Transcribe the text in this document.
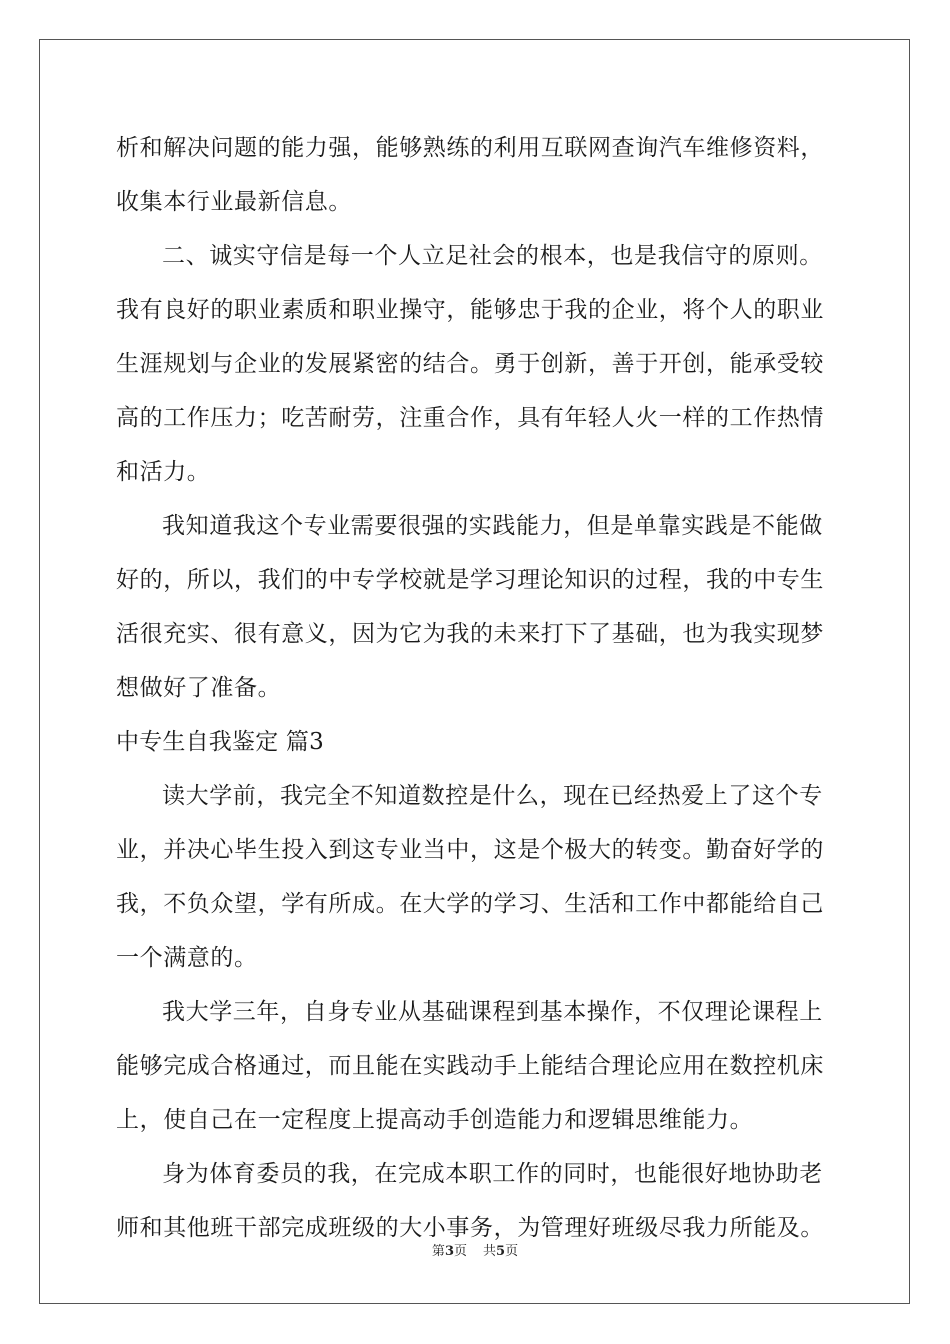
析和解决问题的能力强，能够熟练的利用互联网查询汽车维修资料，
收集本行业最新信息。
二、诚实守信是每一个人立足社会的根本，也是我信守的原则。
我有良好的职业素质和职业操守，能够忠于我的企业，将个人的职业
生涯规划与企业的发展紧密的结合。勇于创新，善于开创，能承受较
高的工作压力；吃苦耐劳，注重合作，具有年轻人火一样的工作热情
和活力。
我知道我这个专业需要很强的实践能力，但是单靠实践是不能做
好的，所以，我们的中专学校就是学习理论知识的过程，我的中专生
活很充实、很有意义，因为它为我的未来打下了基础，也为我实现梦
想做好了准备。
中专生自我鉴定 篇3
读大学前，我完全不知道数控是什么，现在已经热爱上了这个专
业，并决心毕生投入到这专业当中，这是个极大的转变。勤奋好学的
我，不负众望，学有所成。在大学的学习、生活和工作中都能给自己
一个满意的。
我大学三年，自身专业从基础课程到基本操作，不仅理论课程上
能够完成合格通过，而且能在实践动手上能结合理论应用在数控机床
上，使自己在一定程度上提高动手创造能力和逻辑思维能力。
身为体育委员的我，在完成本职工作的同时，也能很好地协助老
师和其他班干部完成班级的大小事务，为管理好班级尽我力所能及。
第3页 共5页
